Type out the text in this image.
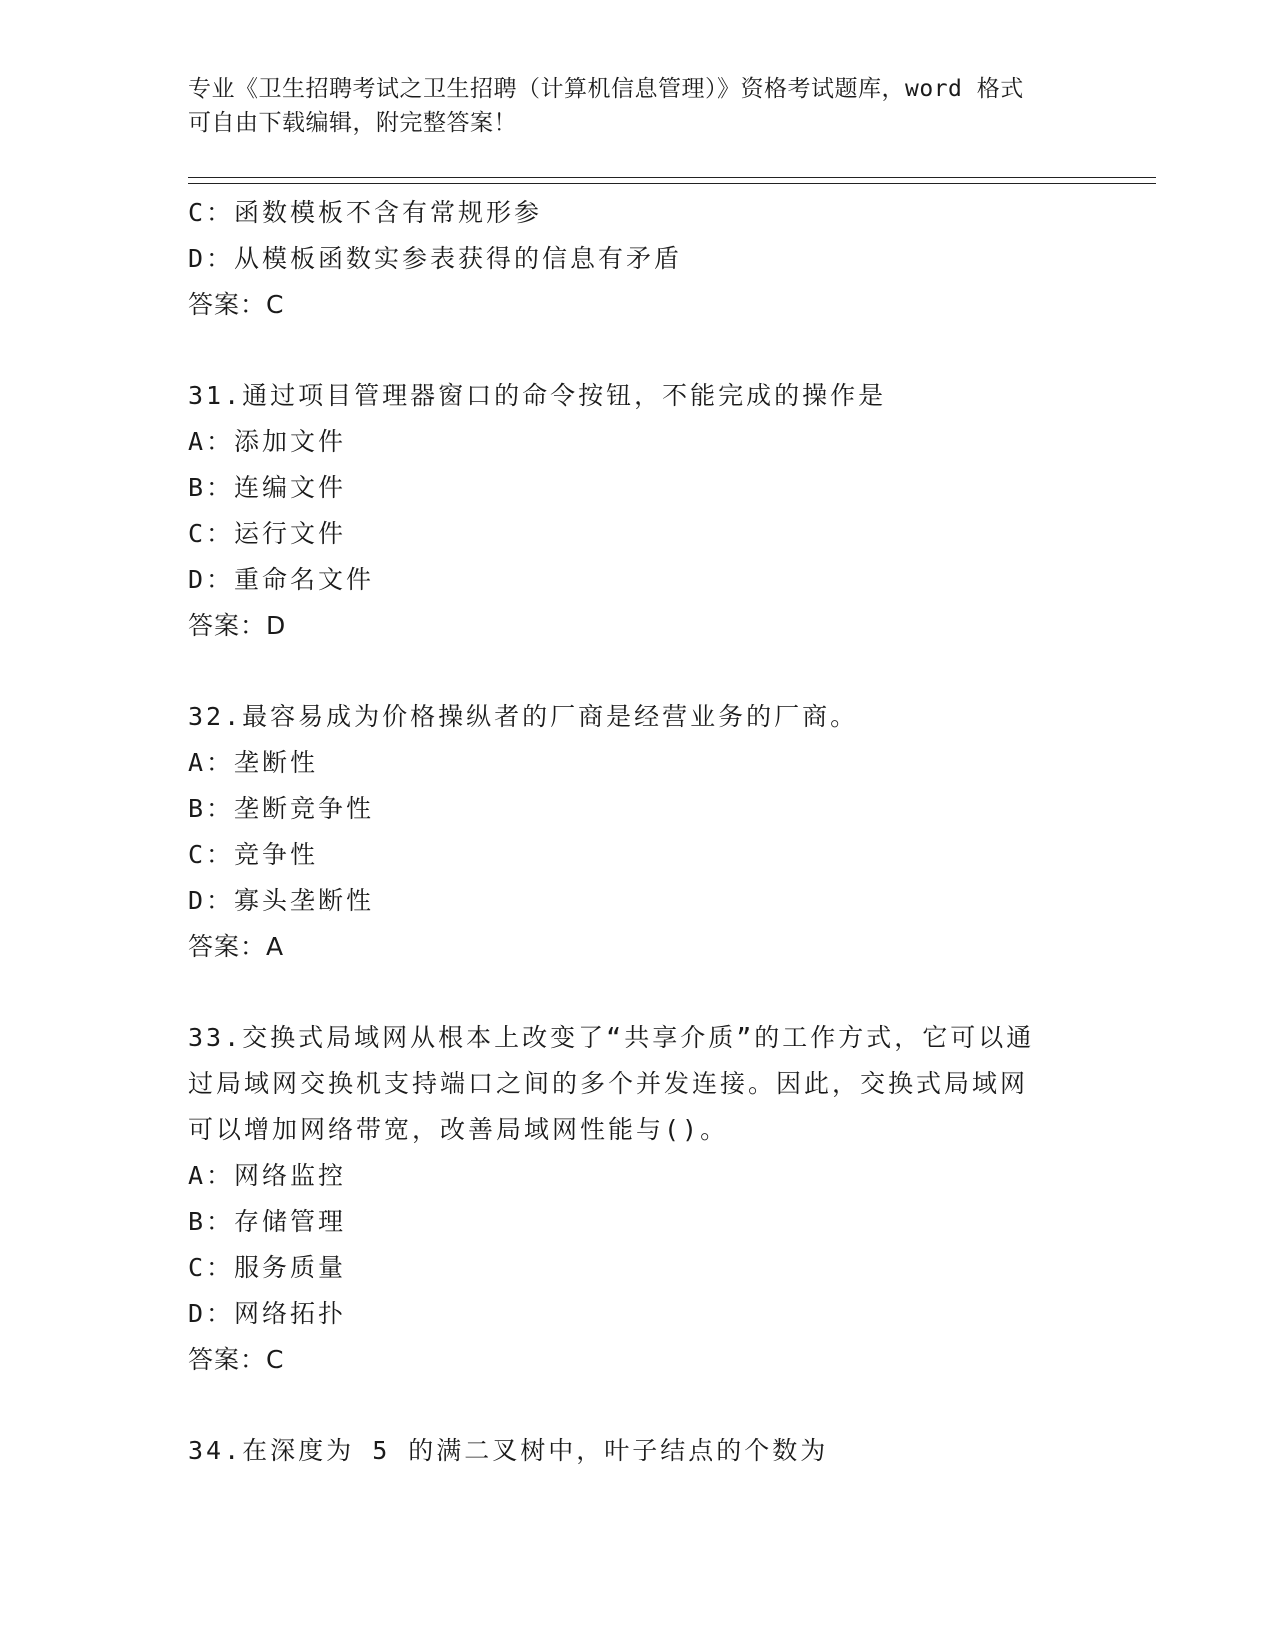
专业《卫生招聘考试之卫生招聘（计算机信息管理）》资格考试题库，word 格式

可自由下载编辑，附完整答案！

C：函数模板不含有常规形参

D：从模板函数实参表获得的信息有矛盾

答案：C

31.通过项目管理器窗口的命令按钮，不能完成的操作是

A：添加文件

B：连编文件

C：运行文件

D：重命名文件

答案：D

32.最容易成为价格操纵者的厂商是经营业务的厂商。

A：垄断性

B：垄断竞争性

C：竞争性

D：寡头垄断性

答案：A

33.交换式局域网从根本上改变了“共享介质”的工作方式，它可以通

过局域网交换机支持端口之间的多个并发连接。因此，交换式局域网

可以增加网络带宽，改善局域网性能与()。

A：网络监控

B：存储管理

C：服务质量

D：网络拓扑

答案：C

34.在深度为 5 的满二叉树中，叶子结点的个数为
